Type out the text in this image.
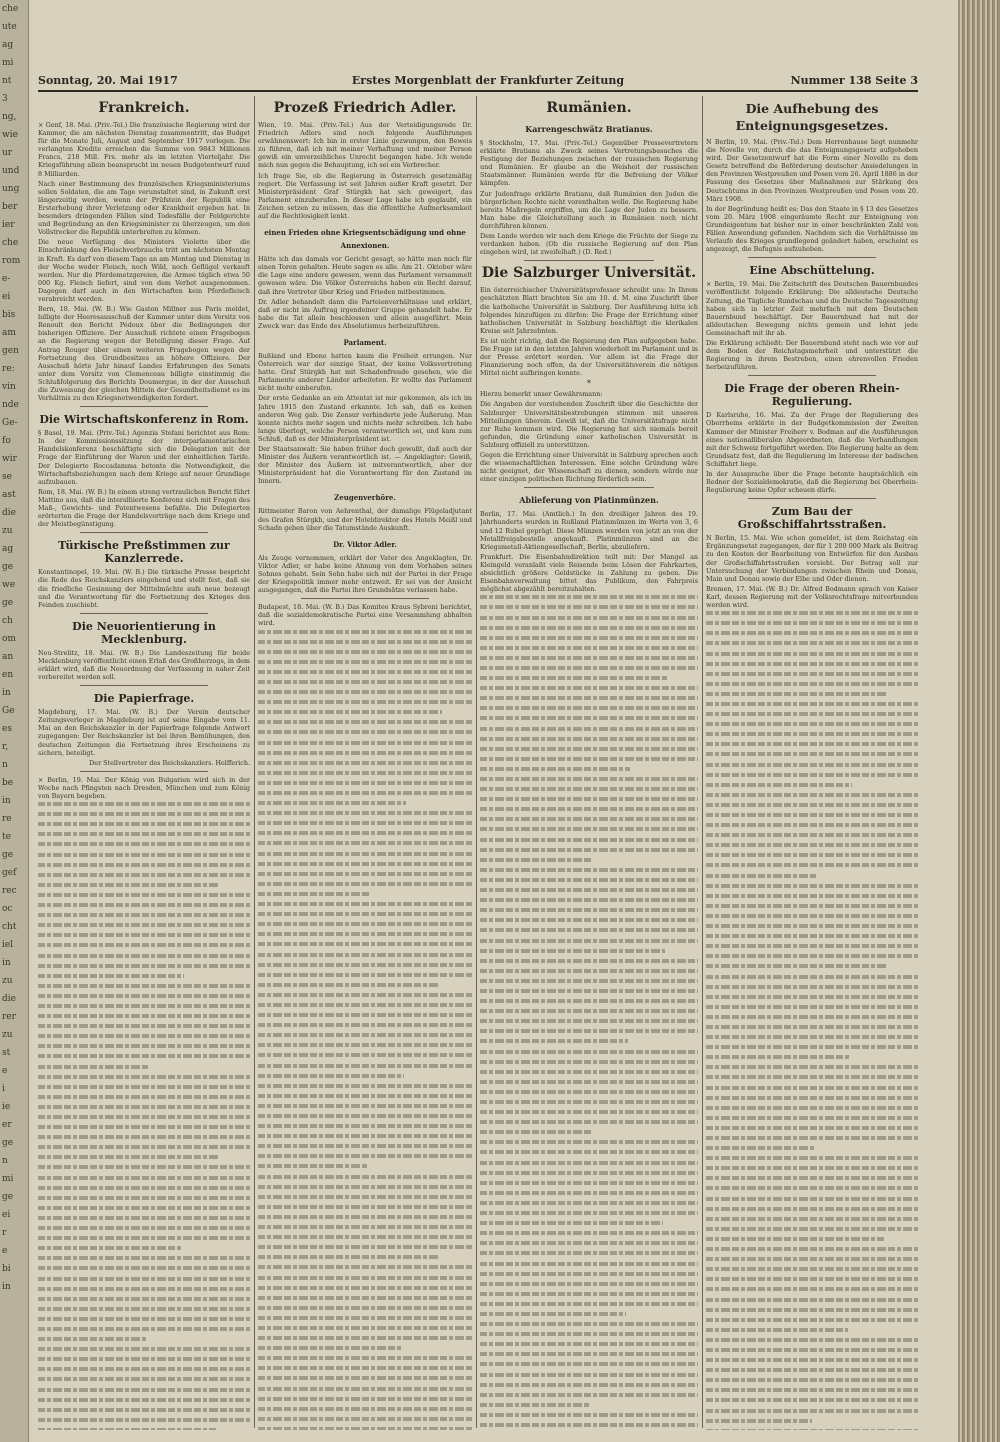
che
ute
ag
mi
nt
3
ng,
wie
ur
und
ung
ber
ier
che
rom
e-
ei
bis
am
gen
re:
vin
nde
Ge-
fo
wir
se
ast
die
zu
ag
ge
we
ge
ch
om
an
en
in
Ge
es
r,
n
be
in
re
te
ge
gef
rec
oc
cht
iel
in
zu
die
rer
zu
st
e
i
ie
er
ge
n
mi
ge
ei
r
e
bi
in
Sonntag, 20. Mai 1917	Erstes Morgenblatt der Frankfurter Zeitung	Nummer 138 Seite 3
Frankreich.

× Genf, 18. Mai. (Priv.-Tel.) Die französische Regierung wird der Kammer, die am nächsten Dienstag zusammentritt, das Budget für die Monate Juli, August und September 1917 vorlegen. Die verlangten Kredite erreichen die Summe von 9843 Millionen Francs, 218 Mill. Frs. mehr als im letzten Vierteljahr. Die Kriegsführung allein beansprucht im neuen Budgetentwurf rund 8 Milliarden.

Nach einer Bestimmung des französischen Kriegsministeriums sollen Soldaten, die am Tage verunstaltet sind, in Zukunft erst längerzeitig werden, wenn der Prüfstein der Republik eine Ersterhebung ihrer Verletzung oder Krankheit ergeben hat. In besonders dringenden Fällen sind Todesfälle der Feldgerichte und Begründung an den Kriegsminister zu überzeugen, um den Vollstrecker die Republik unterbreiten zu können.

Die neue Verfügung des Ministers Violette über die Einschränkung des Fleischverbrauchs tritt am nächsten Montag in Kraft. Es darf von diesem Tage an am Montag und Dienstag in der Woche weder Fleisch, noch Wild, noch Geflügel verkauft werden. Nur die Pferdemetzgereien, die Armee täglich etwa 50 000 Kg. Fleisch liefert, sind von dem Verbot ausgenommen. Dagegen darf auch in den Wirtschaften kein Pferdefleisch verabreicht werden.

Bern, 18. Mai. (W. B.) Wie Gaston Millner aus Paris meldet, billigte der Heeresausschuß der Kammer unter dem Vorsitz von Renoult den Bericht Pédoux über die Bedingungen der bisherigen Offiziere. Der Ausschuß richtete einen Fragebogen an die Regierung wegen der Beteiligung dieser Frage. Auf Antrag Rouger über einen weiteren Fragebogen wegen der Fortsetzung des Grundbesitzes an höhere Offiziere. Der Ausschuß hörte Jahr hinauf Landes Erfahrungen des Senats unter dem Vorsitz von Clemenceau billigte einstimmig die Schlußfolgerung des Berichts Doumergue, in der der Ausschuß die Zuweisung der gleichen Mitteln der Gesundheitsdienst es im Verhältnis zu den Kriegsnotwendigkeiten fordert.

Die Wirtschaftskonferenz in Rom.

§ Basel, 19. Mai. (Priv.-Tel.) Agenzia Stefani berichtet aus Rom: In der Kommissionssitzung der interparlamentarischen Handelskonferenz beschäftigte sich die Delegation mit der Frage der Einführung der Waren und der einheitlichen Tarife. Der Delegierte Roccadamma betonte die Notwendigkeit, die Wirtschaftsbeziehungen nach dem Kriege auf neuer Grundlage aufzubauen.

Rom, 18. Mai. (W. B.) In einem streng vertraulichen Bericht führt Mattino aus, daß die interalliierte Konferenz sich mit Fragen des Maß-, Gewichts- und Patentwesens befaßte. Die Delegierten erörterten die Frage der Handelsverträge nach dem Kriege und der Meistbegünstigung.

Türkische Preßstimmen zur Kanzlerrede.

Konstantinopel, 19. Mai. (W. B.) Die türkische Presse bespricht die Rede des Reichskanzlers eingehend und stellt fest, daß sie die friedliche Gesinnung der Mittelmächte aufs neue bezeugt und die Verantwortung für die Fortsetzung des Krieges den Feinden zuschiebt.

Die Neuorientierung in Mecklenburg.

Neu-Strelitz, 18. Mai. (W. B.) Die Landeszeitung für beide Mecklenburg veröffentlicht einen Erlaß des Großherzogs, in dem erklärt wird, daß die Neuordnung der Verfassung in naher Zeit vorbereitet werden soll.

Die Papierfrage.

Magdeburg, 17. Mai. (W. B.) Der Verein deutscher Zeitungsverleger in Magdeburg ist auf seine Eingabe vom 11. Mai an den Reichskanzler in der Papierfrage folgende Antwort zugegangen: Der Reichskanzler ist bei ihren Bemühungen, den deutschen Zeitungen die Fortsetzung ihres Erscheinens zu sichern, beteiligt.

Der Stellvertreter des Reichskanzlers. Helfferich.

× Berlin, 19. Mai. Der König von Bulgarien wird sich in der Woche nach Pfingsten nach Dresden, München und zum König von Bayern begeben.

Prozeß Friedrich Adler.

Wien, 19. Mai. (Priv.-Tel.) Aus der Verteidigungsrede Dr. Friedrich Adlers sind noch folgende Ausführungen erwähnenswert: Ich bin in erster Linie gezwungen, den Beweis zu führen, daß ich mit meiner Verhaftung und meiner Person gewiß ein unverzeihliches Unrecht begangen habe. Ich wende mich nun gegen die Behauptung, ich sei ein Verbrecher.

Ich frage Sie, ob die Regierung in Österreich gesetzmäßig regiert. Die Verfassung ist seit Jahren außer Kraft gesetzt. Der Ministerpräsident Graf Stürgkh hat sich geweigert, das Parlament einzuberufen. In dieser Lage habe ich geglaubt, ein Zeichen setzen zu müssen, das die öffentliche Aufmerksamkeit auf die Rechtlosigkeit lenkt.

einen Frieden ohne Kriegsentschädigung und ohne Annexionen.

Hätte ich das damals vor Gericht gesagt, so hätte man mich für einen Toren gehalten. Heute sagen es alle. Am 21. Oktober wäre die Lage eine andere gewesen, wenn das Parlament versammelt gewesen wäre. Die Völker Österreichs haben ein Recht darauf, daß ihre Vertreter über Krieg und Frieden mitbestimmen.

Dr. Adler behandelt dann die Parteienverhältnisse und erklärt, daß er nicht im Auftrag irgendeiner Gruppe gehandelt habe. Er habe die Tat allein beschlossen und allein ausgeführt. Mein Zweck war: das Ende des Absolutismus herbeizuführen.

Parlament.

Rußland und Ebene hatten kaum die Freiheit errungen. Nur Österreich war der einzige Staat, der keine Volksvertretung hatte. Graf Stürgkh hat mit Schadenfreude gesehen, wie die Parlamente anderer Länder arbeiteten. Er wollte das Parlament nicht mehr einberufen.

Der erste Gedanke an ein Attentat ist mir gekommen, als ich im Jahre 1915 den Zustand erkannte. Ich sah, daß es keinen anderen Weg gab. Die Zensur verhinderte jede Äußerung. Man konnte nichts mehr sagen und nichts mehr schreiben. Ich habe lange überlegt, welche Person verantwortlich sei, und kam zum Schluß, daß es der Ministerpräsident ist.

Der Staatsanwalt: Sie haben früher doch gewußt, daß auch der Minister des Äußern verantwortlich ist. — Angeklagter: Gewiß, der Minister des Äußern ist mitverantwortlich, aber der Ministerpräsident hat die Verantwortung für den Zustand im Innern.

Zeugenverhöre.

Rittmeister Baron von Aehrenthal, der damalige Flügeladjutant des Grafen Stürgkh, und der Hoteldirektor des Hotels Meißl und Schadn geben über die Tatumstände Auskunft.

Dr. Viktor Adler.

Als Zeuge vernommen, erklärt der Vater des Angeklagten, Dr. Viktor Adler, er habe keine Ahnung von dem Vorhaben seines Sohnes gehabt. Sein Sohn habe sich mit der Partei in der Frage der Kriegspolitik immer mehr entzweit. Er sei von der Ansicht ausgegangen, daß die Partei ihre Grundsätze verlassen habe.

Budapest, 18. Mai. (W. B.) Das Komitee Kraus Sybreni berichtet, daß die sozialdemokratische Partei eine Versammlung abhalten wird.

Rumänien.
Karrengeschwätz Bratianus.

§ Stockholm, 17. Mai. (Priv.-Tel.) Gegenüber Pressevertretern erklärte Bratianu als Zweck seines Vertretungsbesuches die Festigung der Beziehungen zwischen der russischen Regierung und Rumänien. Er glaube an die Weisheit der russischen Staatsmänner. Rumänien werde für die Befreiung der Völker kämpfen.

Zur Judenfrage erklärte Bratianu, daß Rumänien den Juden die bürgerlichen Rechte nicht vorenthalten wolle. Die Regierung habe bereits Maßregeln ergriffen, um die Lage der Juden zu bessern. Man habe die Gleichstellung auch in Rumänien noch nicht durchführen können.

Dem Lande werden wir nach dem Kriege die Früchte der Siege zu verdanken haben. (Ob die russische Regierung auf den Plan eingehen wird, ist zweifelhaft.) (D. Red.)

Die Salzburger Universität.

Ein österreichischer Universitätsprofessor schreibt uns: In Ihrem geschätzten Blatt brachten Sie am 10. d. M. eine Zuschrift über die katholische Universität in Salzburg. Der Ausführung bitte ich folgendes hinzufügen zu dürfen: Die Frage der Errichtung einer katholischen Universität in Salzburg beschäftigt die klerikalen Kreise seit Jahrzehnten.

Es ist nicht richtig, daß die Regierung den Plan aufgegeben habe. Die Frage ist in den letzten Jahren wiederholt im Parlament und in der Presse erörtert worden. Vor allem ist die Frage der Finanzierung noch offen, da der Universitätsverein die nötigen Mittel nicht aufbringen konnte.

*

Hierzu bemerkt unser Gewährsmann:

Die Angaben der vorstehenden Zuschrift über die Geschichte der Salzburger Universitätsbestrebungen stimmen mit unseren Mitteilungen überein. Gewiß ist, daß die Universitätsfrage nicht zur Ruhe kommen wird. Die Regierung hat sich niemals bereit gefunden, die Gründung einer katholischen Universität in Salzburg offiziell zu unterstützen.

Gegen die Errichtung einer Universität in Salzburg sprechen auch die wissenschaftlichen Interessen. Eine solche Gründung wäre nicht geeignet, der Wissenschaft zu dienen, sondern würde nur einer einzigen politischen Richtung förderlich sein.

Ablieferung von Platinmünzen.

Berlin, 17. Mai. (Amtlich.) In den dreißiger Jahren des 19. Jahrhunderts wurden in Rußland Platinmünzen im Werte von 3, 6 und 12 Rubel geprägt. Diese Münzen werden von jetzt an von der Metallfreigabestelle angekauft. Platinmünzen sind an die Kriegsmetall-Aktiengesellschaft, Berlin, abzuliefern.

Frankfurt. Die Eisenbahndirektion teilt mit: Der Mangel an Kleingeld veranlaßt viele Reisende beim Lösen der Fahrkarten, absichtlich größere Geldstücke in Zahlung zu geben. Die Eisenbahnverwaltung bittet das Publikum, den Fahrpreis möglichst abgezählt bereitzuhalten.

Die Aufhebung des Enteignungsgesetzes.

N Berlin, 19. Mai. (Priv.-Tel.) Dem Herrenhause liegt nunmehr die Novelle vor, durch die das Enteignungsgesetz aufgehoben wird. Der Gesetzentwurf hat die Form einer Novelle zu dem Gesetz betreffend die Beförderung deutscher Ansiedelungen in den Provinzen Westpreußen und Posen vom 26. April 1886 in der Fassung des Gesetzes über Maßnahmen zur Stärkung des Deutschtums in den Provinzen Westpreußen und Posen vom 20. März 1908.

In der Begründung heißt es: Das den Staate in § 13 des Gesetzes vom 20. März 1908 eingeräumte Recht zur Enteignung von Grundeigentum hat bisher nur in einer beschränkten Zahl von Fällen Anwendung gefunden. Nachdem sich die Verhältnisse im Verlaufe des Krieges grundlegend geändert haben, erscheint es angezeigt, die Befugnis aufzuheben.

Eine Abschüttelung.

× Berlin, 19. Mai. Die Zeitschrift des Deutschen Bauernbundes veröffentlicht folgende Erklärung: Die alldeutsche Deutsche Zeitung, die Tägliche Rundschau und die Deutsche Tageszeitung haben sich in letzter Zeit mehrfach mit dem Deutschen Bauernbund beschäftigt. Der Bauernbund hat mit der alldeutschen Bewegung nichts gemein und lehnt jede Gemeinschaft mit ihr ab.

Die Erklärung schließt: Der Bauernbund steht nach wie vor auf dem Boden der Reichstagsmehrheit und unterstützt die Regierung in ihrem Bestreben, einen ehrenvollen Frieden herbeizuführen.

Die Frage der oberen Rhein-Regulierung.

D Karlsruhe, 16. Mai. Zu der Frage der Regulierung des Oberrheins erklärte in der Budgetkommission der Zweiten Kammer der Minister Freiherr v. Bodman auf die Ausführungen eines nationalliberalen Abgeordneten, daß die Verhandlungen mit der Schweiz fortgeführt werden. Die Regierung halte an dem Grundsatz fest, daß die Regulierung im Interesse der badischen Schiffahrt liege.

In der Aussprache über die Frage betonte hauptsächlich ein Redner der Sozialdemokratie, daß die Regierung bei Oberrhein-Regulierung keine Opfer scheuen dürfe.

Zum Bau der Großschiffahrtsstraßen.

N Berlin, 15. Mai. Wie schon gemeldet, ist dem Reichstag ein Ergänzungsetat zugegangen, der für 1 200 000 Mark als Beitrag zu den Kosten der Bearbeitung von Entwürfen für den Ausbau der Großschiffahrtsstraßen vorsieht. Der Betrag soll zur Untersuchung der Verbindungen zwischen Rhein und Donau, Main und Donau sowie der Elbe und Oder dienen.

Bremen, 17. Mai. (W. B.) Dr. Alfred Bodmann sprach von Kaiser Karl, dessen Regierung mit der Volksrechtsfrage mitverbunden werden wird.
